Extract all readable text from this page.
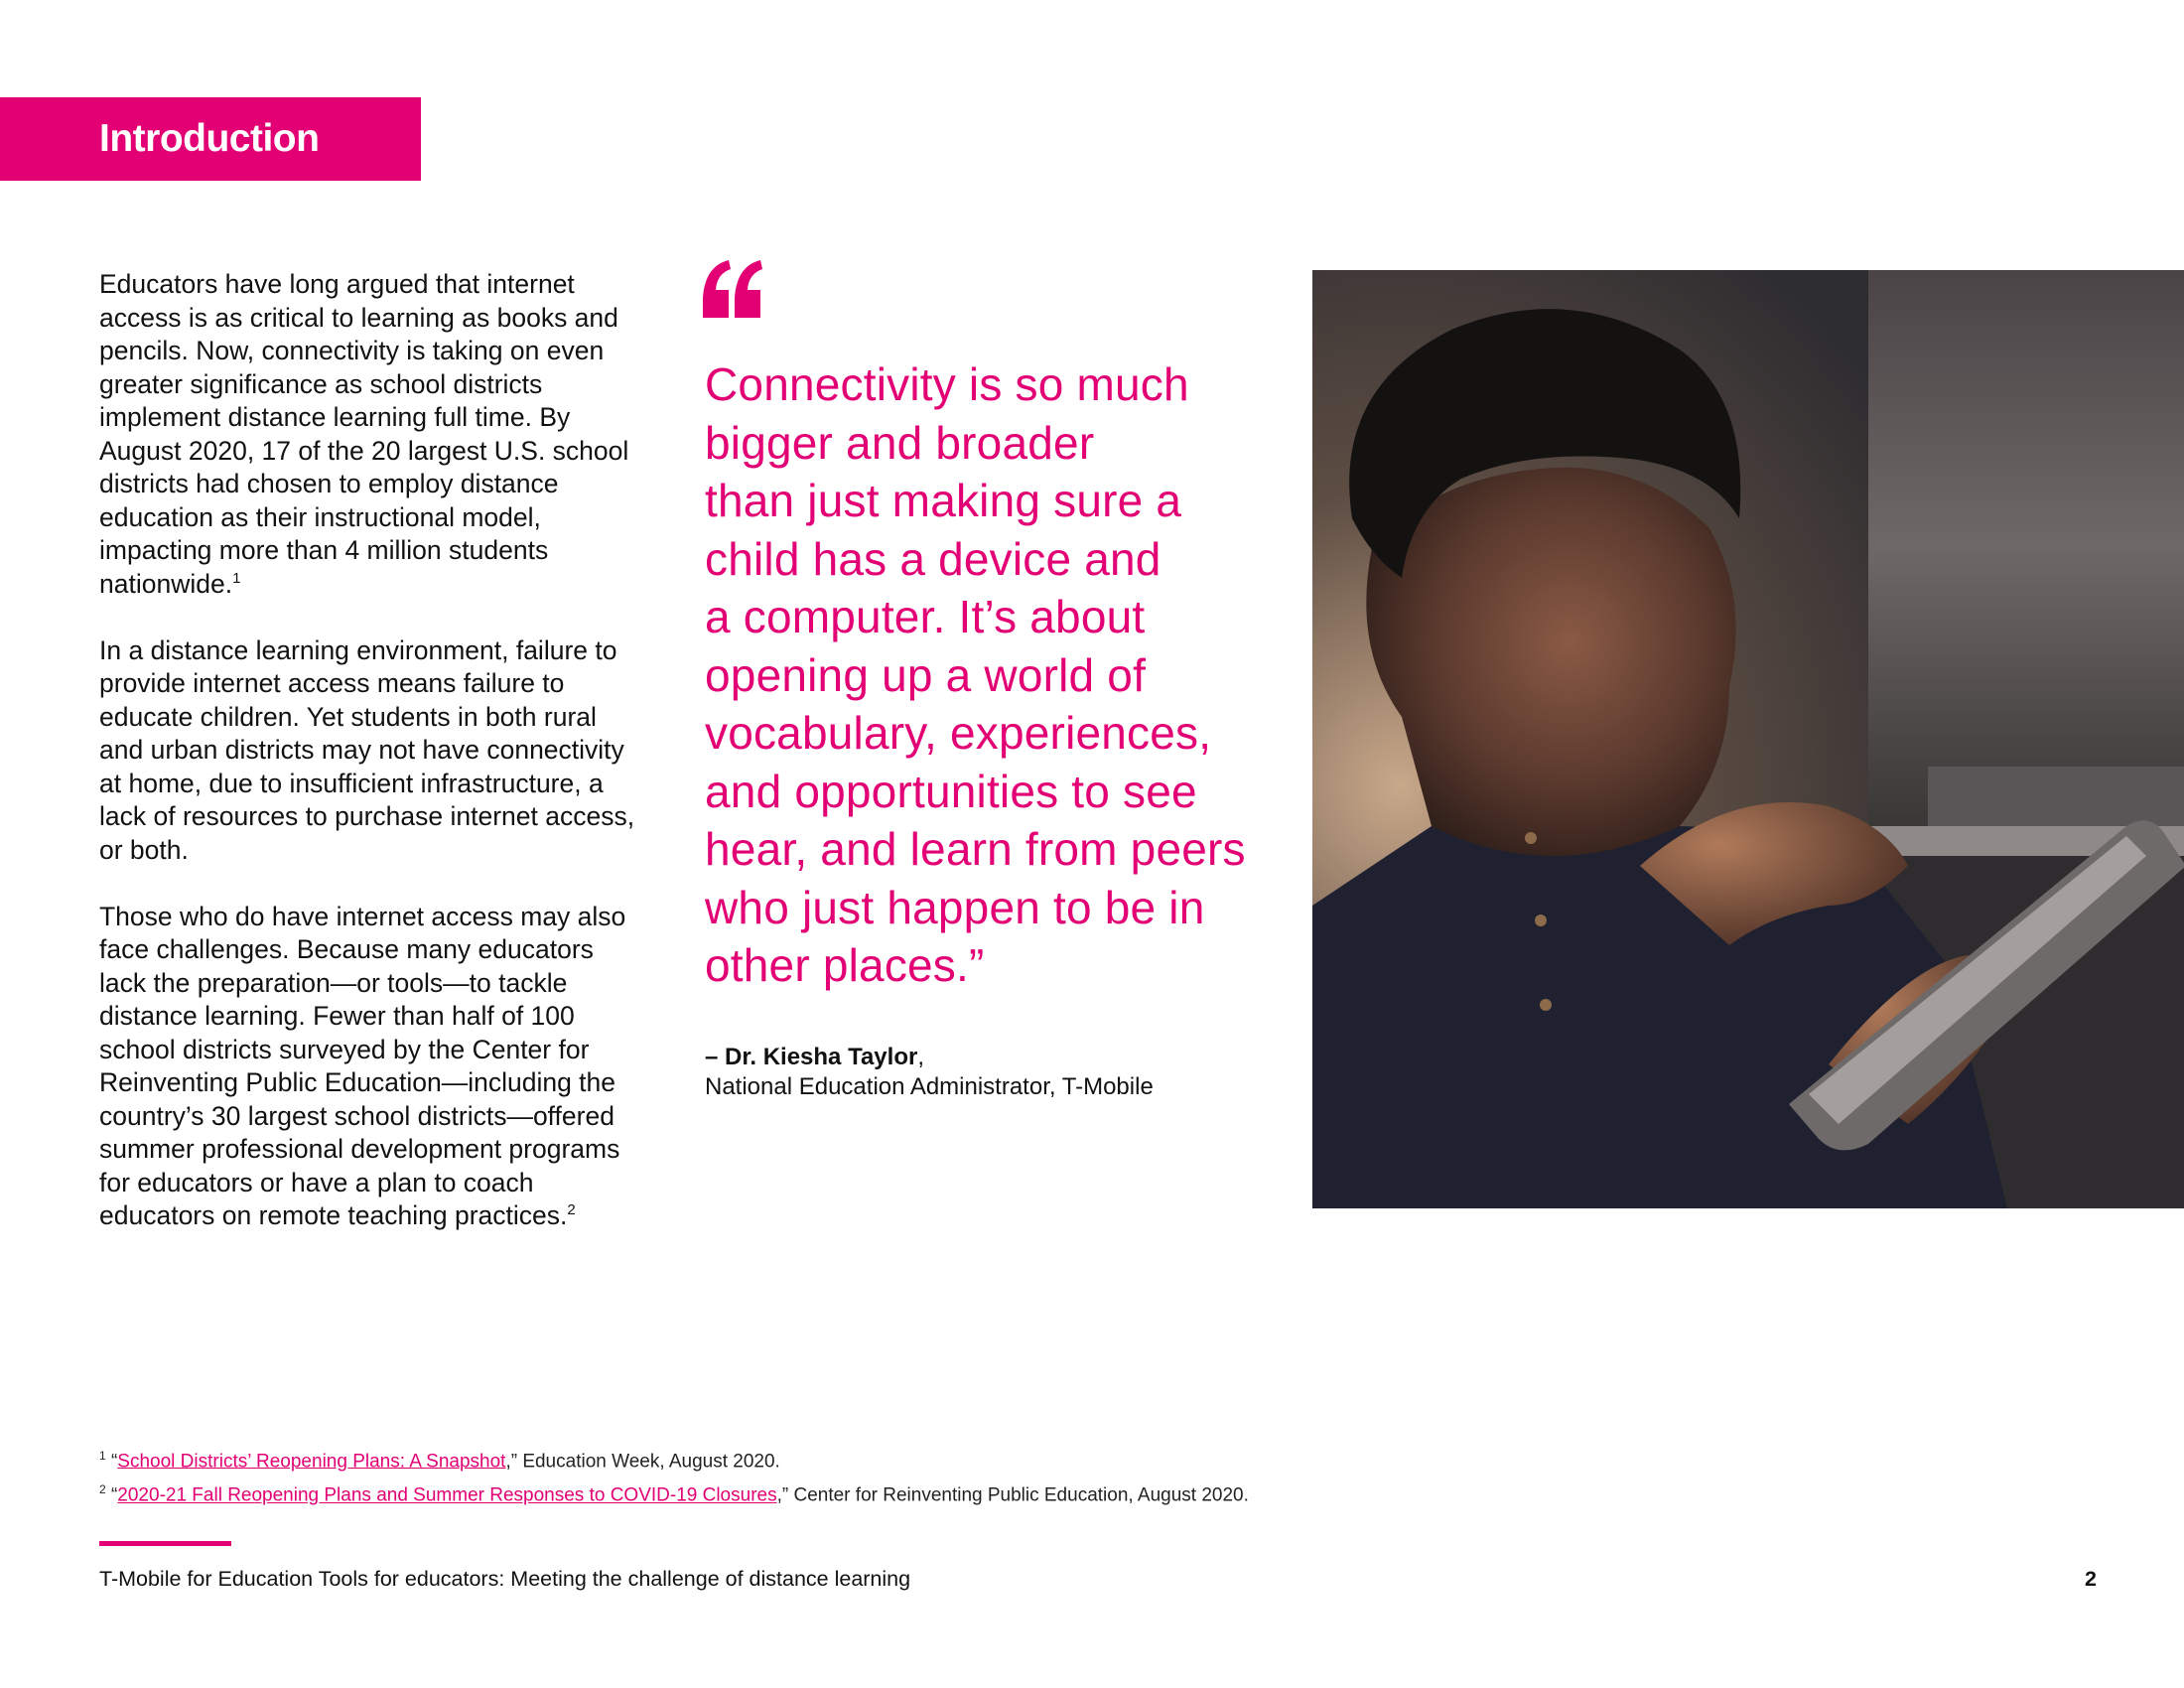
Introduction

Educators have long argued that internet access is as critical to learning as books and pencils. Now, connectivity is taking on even greater significance as school districts implement distance learning full time. By August 2020, 17 of the 20 largest U.S. school districts had chosen to employ distance education as their instructional model, impacting more than 4 million students nationwide.$^1$

In a distance learning environment, failure to provide internet access means failure to educate children. Yet students in both rural and urban districts may not have connectivity at home, due to insufficient infrastructure, a lack of resources to purchase internet access, or both.

Those who do have internet access may also face challenges. Because many educators lack the preparation—or tools—to tackle distance learning. Fewer than half of 100 school districts surveyed by the Center for Reinventing Public Education—including the country’s 30 largest school districts—offered summer professional development programs for educators or have a plan to coach educators on remote teaching practices.$^2$

Connectivity is so much
bigger and broader
than just making sure a
child has a device and
a computer. It’s about
opening up a world of
vocabulary, experiences,
and opportunities to see
hear, and learn from peers
who just happen to be in
other places.”
– Dr. Kiesha Taylor,
National Education Administrator, T-Mobile
$^1$ “School Districts’ Reopening Plans: A Snapshot,” Education Week, August 2020.
$^2$ “2020-21 Fall Reopening Plans and Summer Responses to COVID-19 Closures,” Center for Reinventing Public Education, August 2020.
T-Mobile for Education Tools for educators: Meeting the challenge of distance learning	2
